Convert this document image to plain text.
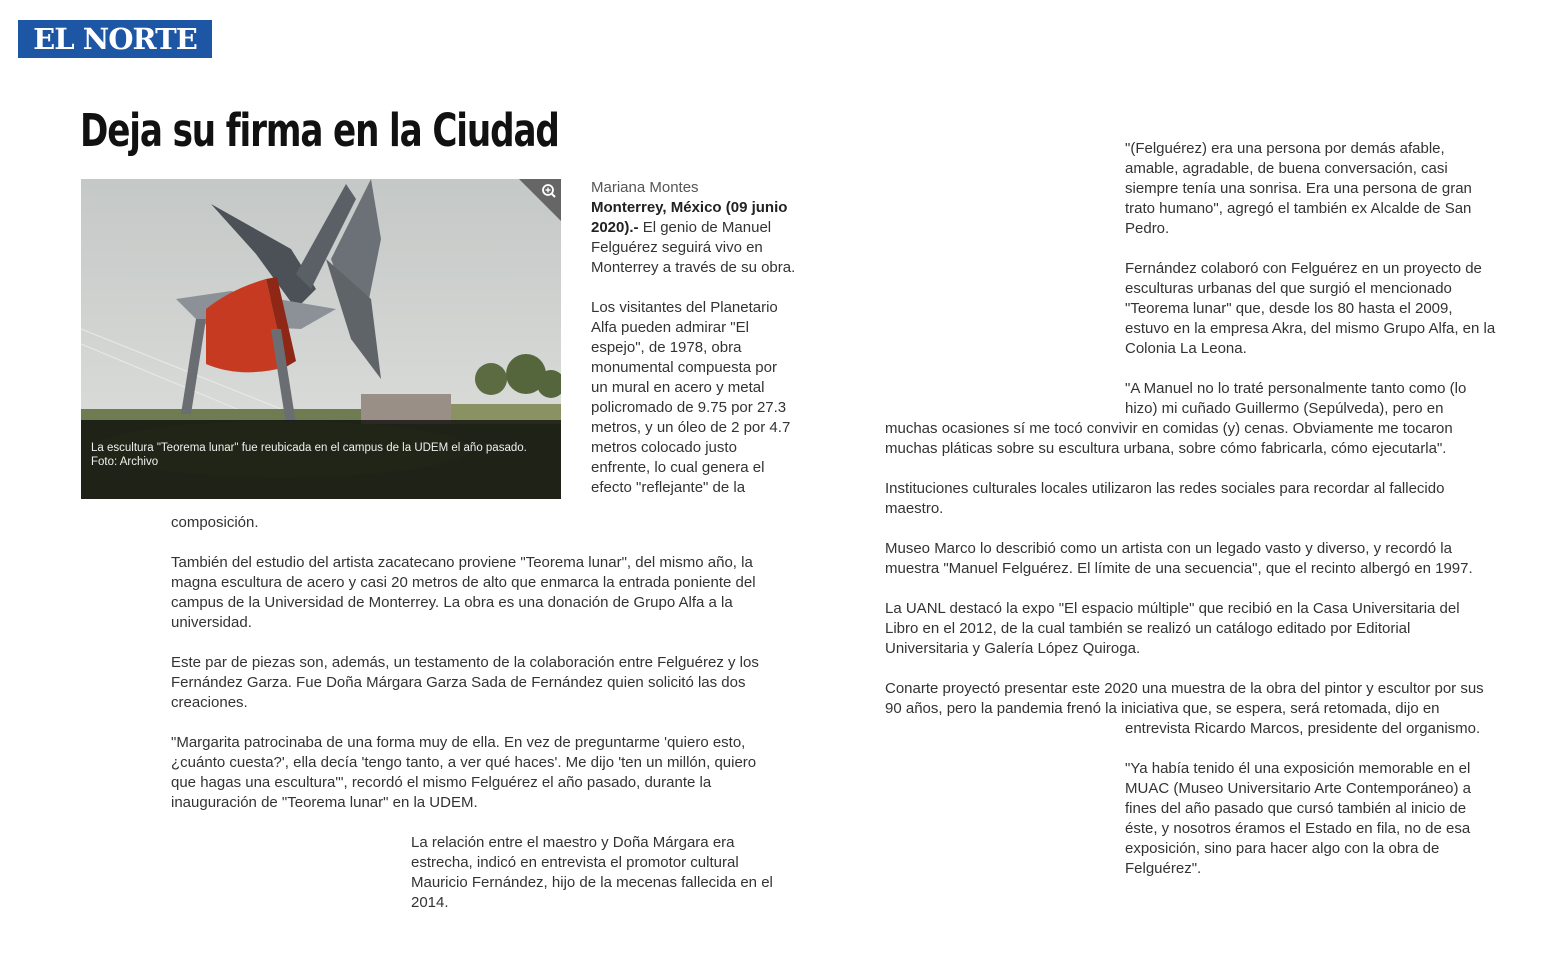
EL NORTE
Deja su firma en la Ciudad
La escultura "Teorema lunar" fue reubicada en el campus de la UDEM el año pasado.
Foto: Archivo
Mariana Montes
Monterrey, México (09 junio 2020).- El genio de Manuel
Felguérez seguirá vivo en
Monterrey a través de su obra.
Los visitantes del Planetario
Alfa pueden admirar "El
espejo", de 1978, obra
monumental compuesta por
un mural en acero y metal
policromado de 9.75 por 27.3
metros, y un óleo de 2 por 4.7
metros colocado justo
enfrente, lo cual genera el
efecto "reflejante" de la
composición.
También del estudio del artista zacatecano proviene "Teorema lunar", del mismo año, la
magna escultura de acero y casi 20 metros de alto que enmarca la entrada poniente del
campus de la Universidad de Monterrey. La obra es una donación de Grupo Alfa a la
universidad.
Este par de piezas son, además, un testamento de la colaboración entre Felguérez y los
Fernández Garza. Fue Doña Márgara Garza Sada de Fernández quien solicitó las dos
creaciones.
"Margarita patrocinaba de una forma muy de ella. En vez de preguntarme 'quiero esto,
¿cuánto cuesta?', ella decía 'tengo tanto, a ver qué haces'. Me dijo 'ten un millón, quiero
que hagas una escultura'", recordó el mismo Felguérez el año pasado, durante la
inauguración de "Teorema lunar" en la UDEM.
La relación entre el maestro y Doña Márgara era
estrecha, indicó en entrevista el promotor cultural
Mauricio Fernández, hijo de la mecenas fallecida en el
2014.
"(Felguérez) era una persona por demás afable,
amable, agradable, de buena conversación, casi
siempre tenía una sonrisa. Era una persona de gran
trato humano", agregó el también ex Alcalde de San
Pedro.
Fernández colaboró con Felguérez en un proyecto de
esculturas urbanas del que surgió el mencionado
"Teorema lunar" que, desde los 80 hasta el 2009,
estuvo en la empresa Akra, del mismo Grupo Alfa, en la
Colonia La Leona.
"A Manuel no lo traté personalmente tanto como (lo
hizo) mi cuñado Guillermo (Sepúlveda), pero en
muchas ocasiones sí me tocó convivir en comidas (y) cenas. Obviamente me tocaron
muchas pláticas sobre su escultura urbana, sobre cómo fabricarla, cómo ejecutarla".
Instituciones culturales locales utilizaron las redes sociales para recordar al fallecido
maestro.
Museo Marco lo describió como un artista con un legado vasto y diverso, y recordó la
muestra "Manuel Felguérez. El límite de una secuencia", que el recinto albergó en 1997.
La UANL destacó la expo "El espacio múltiple" que recibió en la Casa Universitaria del
Libro en el 2012, de la cual también se realizó un catálogo editado por Editorial
Universitaria y Galería López Quiroga.
Conarte proyectó presentar este 2020 una muestra de la obra del pintor y escultor por sus
90 años, pero la pandemia frenó la iniciativa que, se espera, será retomada, dijo en
entrevista Ricardo Marcos, presidente del organismo.
"Ya había tenido él una exposición memorable en el
MUAC (Museo Universitario Arte Contemporáneo) a
fines del año pasado que cursó también al inicio de
éste, y nosotros éramos el Estado en fila, no de esa
exposición, sino para hacer algo con la obra de
Felguérez".
